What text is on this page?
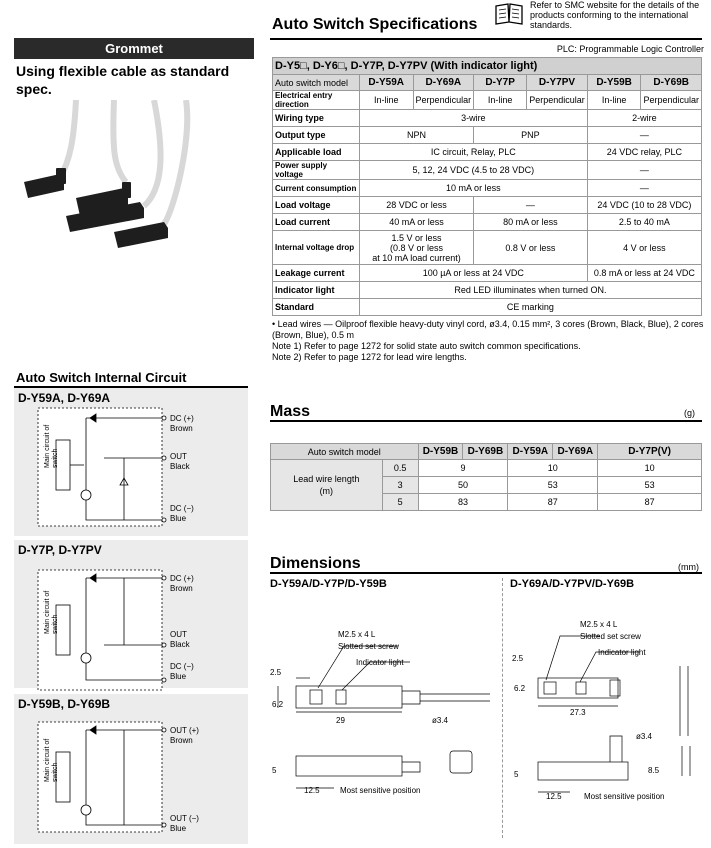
Grommet
Using flexible cable as standard spec.
Auto Switch Specifications
Refer to SMC website for the details of the products conforming to the international standards.
PLC: Programmable Logic Controller
D-Y5□, D-Y6□, D-Y7P, D-Y7PV (With indicator light)						
Auto switch model	D-Y59A	D-Y69A	D-Y7P	D-Y7PV	D-Y59B	D-Y69B
Electrical entry direction	In-line	Perpendicular	In-line	Perpendicular	In-line	Perpendicular
Wiring type	3-wire				2-wire	
Output type	NPN		PNP		—	
Applicable load	IC circuit, Relay, PLC				24 VDC relay, PLC	
Power supply voltage	5, 12, 24 VDC (4.5 to 28 VDC)				—	
Current consumption	10 mA or less				—	
Load voltage	28 VDC or less		—		24 VDC (10 to 28 VDC)	
Load current	40 mA or less		80 mA or less		2.5 to 40 mA	
Internal voltage drop	1.5 V or less
(0.8 V or less
at 10 mA load current)		0.8 V or less		4 V or less	
Leakage current	100 µA or less at 24 VDC				0.8 mA or less at 24 VDC	
Indicator light	Red LED illuminates when turned ON.					
Standard	CE marking					
• Lead wires — Oilproof flexible heavy-duty vinyl cord, ø3.4, 0.15 mm², 3 cores (Brown, Black, Blue), 2 cores (Brown, Blue), 0.5 m
Note 1) Refer to page 1272 for solid state auto switch common specifications.
Note 2) Refer to page 1272 for lead wire lengths.
Auto Switch Internal Circuit
D-Y59A, D-Y69A
D-Y7P, D-Y7PV
D-Y59B, D-Y69B
DC (+)
Brown
OUT
Black
DC (−)
Blue
DC (+)
Brown
OUT
Black
DC (−)
Blue
OUT (+)
Brown
OUT (−)
Blue
Main circuit of switch
Main circuit of switch
Main circuit of switch
Mass	(g)
Auto switch model		D-Y59B	D-Y69B	D-Y59A	D-Y69A	D-Y7P(V)

Lead wire length
(m)	0.5	9		10		10
	3	50		53		53
	5	83		87		87
Dimensions	(mm)
D-Y59A/D-Y7P/D-Y59B	D-Y69A/D-Y7PV/D-Y69B
M2.5 x 4 L
Slotted set screw
Indicator light
2.5
6.2
29	ø3.4
5
12.5	Most sensitive position
M2.5 x 4 L
Slotted set screw
Indicator light
2.5
6.2
27.3
ø3.4
5	8.5
12.5	Most sensitive position
